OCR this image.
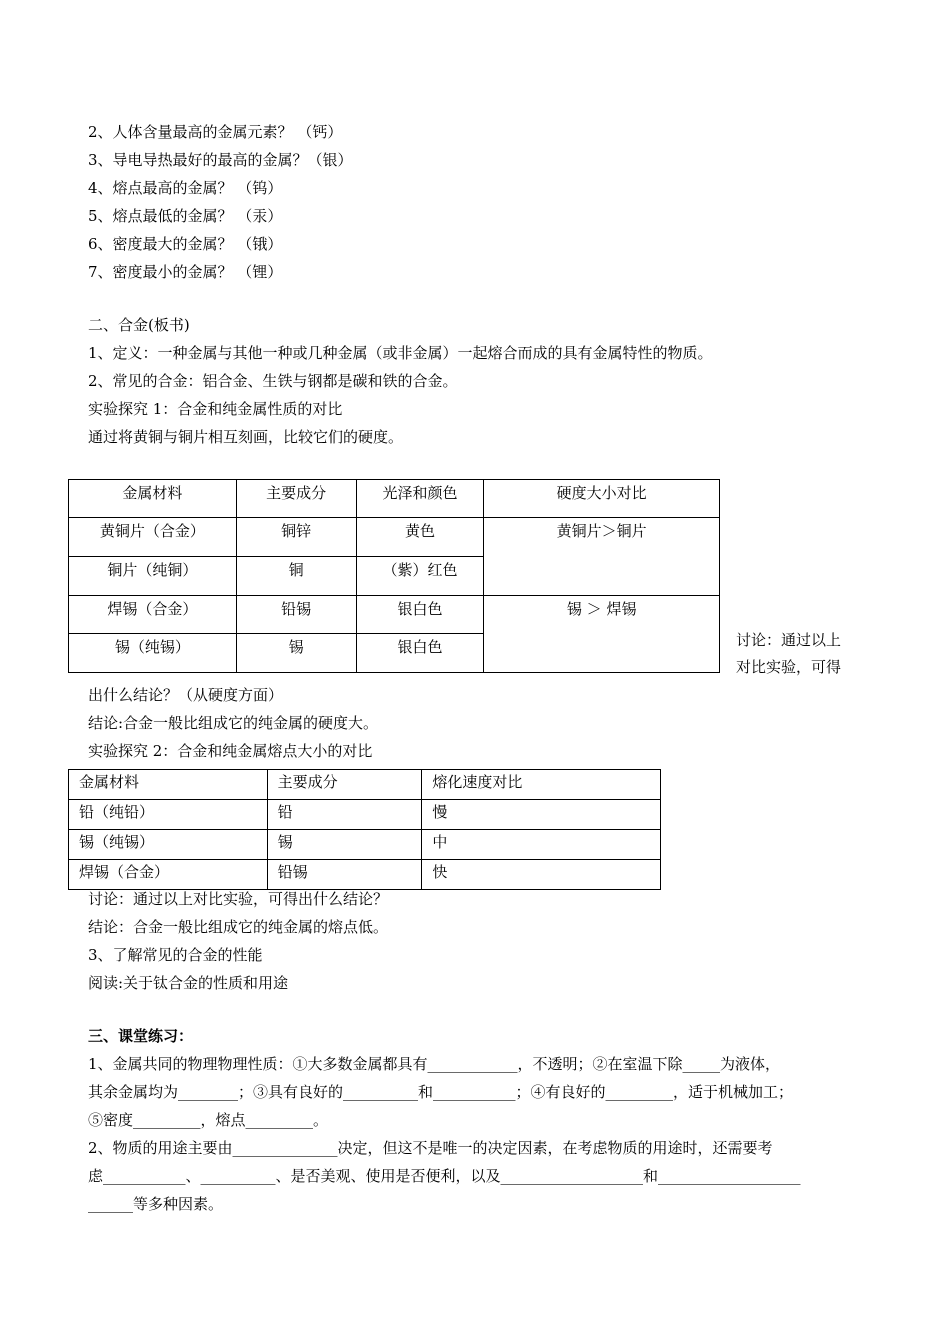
2、人体含量最高的金属元素？ （钙）
3、导电导热最好的最高的金属？（银）
4、熔点最高的金属？ （钨）
5、熔点最低的金属？ （汞）
6、密度最大的金属？ （锇）
7、密度最小的金属？ （锂）
二、合金(板书)
1、定义：一种金属与其他一种或几种金属（或非金属）一起熔合而成的具有金属特性的物质。
2、常见的合金：铝合金、生铁与钢都是碳和铁的合金。
实验探究 1：合金和纯金属性质的对比
通过将黄铜与铜片相互刻画，比较它们的硬度。
金属材料	主要成分	光泽和颜色	硬度大小对比
黄铜片（合金）	铜锌	黄色	黄铜片＞铜片
铜片（纯铜）	铜	（紫）红色	
焊锡（合金）	铅锡	银白色	锡 ＞ 焊锡
锡（纯锡）	锡	银白色		讨论：通过以上
对比实验，可得
出什么结论？（从硬度方面）
结论:合金一般比组成它的纯金属的硬度大。
实验探究 2：合金和纯金属熔点大小的对比
金属材料	主要成分	熔化速度对比
铅（纯铅）	铅	慢
锡（纯锡）	锡	中
焊锡（合金）	铅锡	快
讨论：通过以上对比实验，可得出什么结论？
结论：合金一般比组成它的纯金属的熔点低。
3、了解常见的合金的性能
阅读:关于钛合金的性质和用途
三、课堂练习：
1、金属共同的物理物理性质：①大多数金属都具有____________，不透明；②在室温下除_____为液体，
其余金属均为________；③具有良好的__________和___________；④有良好的_________，适于机械加工；
⑤密度_________，熔点_________。
2、物质的用途主要由______________决定，但这不是唯一的决定因素，在考虑物质的用途时，还需要考
虑___________、__________、是否美观、使用是否便利，以及___________________和___________________
______等多种因素。
